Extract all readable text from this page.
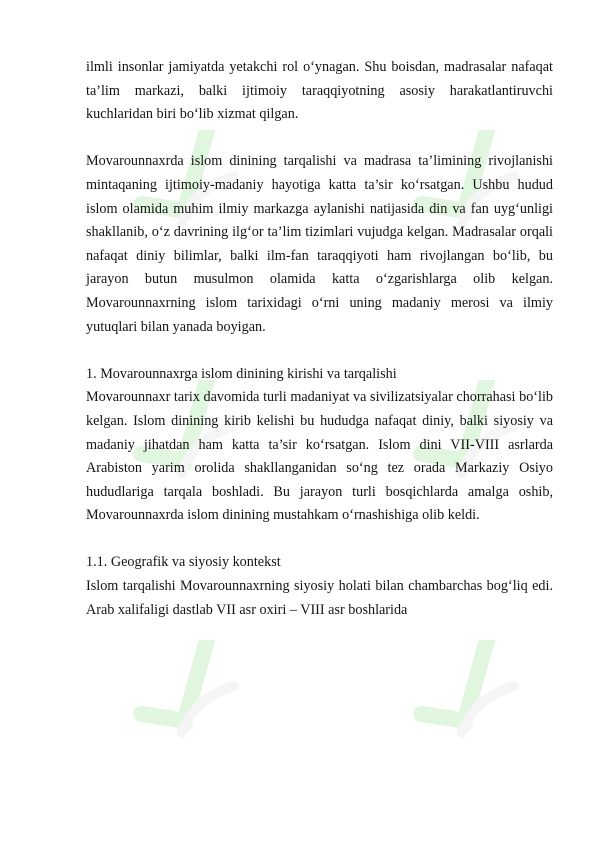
ilmli insonlar jamiyatda yetakchi rol o‘ynagan. Shu boisdan, madrasalar nafaqat ta’lim markazi, balki ijtimoiy taraqqiyotning asosiy harakatlantiruvchi kuchlaridan biri bo‘lib xizmat qilgan.

Movarounnaxrda islom dinining tarqalishi va madrasa ta’limining rivojlanishi mintaqaning ijtimoiy-madaniy hayotiga katta ta’sir ko‘rsatgan. Ushbu hudud islom olamida muhim ilmiy markazga aylanishi natijasida din va fan uyg‘unligi shakllanib, o‘z davrining ilg‘or ta’lim tizimlari vujudga kelgan. Madrasalar orqali nafaqat diniy bilimlar, balki ilm-fan taraqqiyoti ham rivojlangan bo‘lib, bu jarayon butun musulmon olamida katta o‘zgarishlarga olib kelgan. Movarounnaxrning islom tarixidagi o‘rni uning madaniy merosi va ilmiy yutuqlari bilan yanada boyigan.

1. Movarounnaxrga islom dinining kirishi va tarqalishi

Movarounnaxr tarix davomida turli madaniyat va sivilizatsiyalar chorrahasi bo‘lib kelgan. Islom dinining kirib kelishi bu hududga nafaqat diniy, balki siyosiy va madaniy jihatdan ham katta ta’sir ko‘rsatgan. Islom dini VII-VIII asrlarda Arabiston yarim orolida shakllanganidan so‘ng tez orada Markaziy Osiyo hududlariga tarqala boshladi. Bu jarayon turli bosqichlarda amalga oshib, Movarounnaxrda islom dinining mustahkam o‘rnashishiga olib keldi.

1.1. Geografik va siyosiy kontekst

Islom tarqalishi Movarounnaxrning siyosiy holati bilan chambarchas bog‘liq edi. Arab xalifaligi dastlab VII asr oxiri – VIII asr boshlarida
